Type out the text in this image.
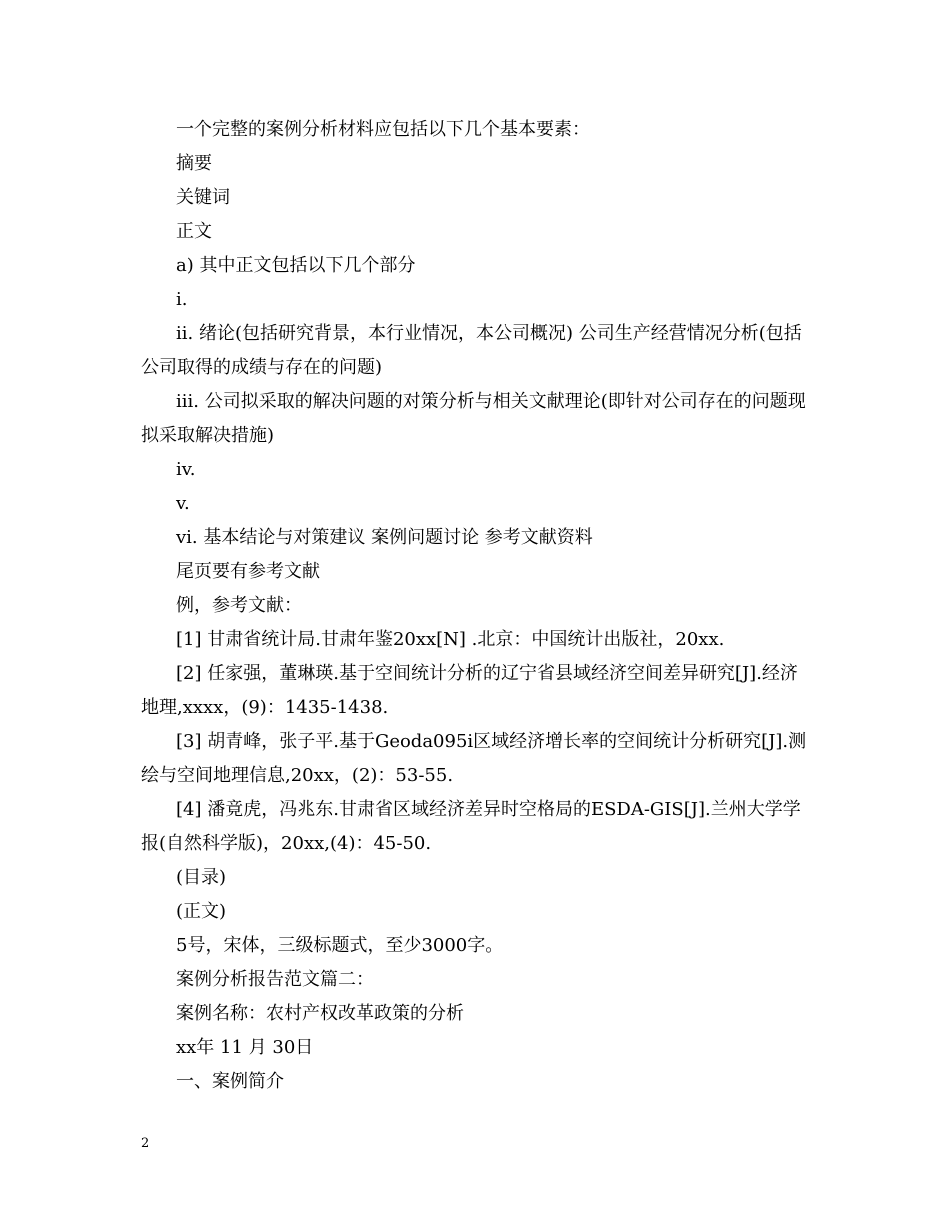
一个完整的案例分析材料应包括以下几个基本要素：

摘要

关键词

正文

a) 其中正文包括以下几个部分

i.

ii. 绪论(包括研究背景，本行业情况，本公司概况) 公司生产经营情况分析(包括公司取得的成绩与存在的问题)

iii. 公司拟采取的解决问题的对策分析与相关文献理论(即针对公司存在的问题现拟采取解决措施)

iv.

v.

vi. 基本结论与对策建议 案例问题讨论 参考文献资料

尾页要有参考文献

例，参考文献：

[1] 甘肃省统计局.甘肃年鉴20xx[N] .北京：中国统计出版社，20xx.

[2] 任家强，董琳瑛.基于空间统计分析的辽宁省县域经济空间差异研究[J].经济地理,xxxx，(9)：1435-1438.

[3] 胡青峰，张子平.基于Geoda095i区域经济增长率的空间统计分析研究[J].测绘与空间地理信息,20xx，(2)：53-55.

[4] 潘竟虎，冯兆东.甘肃省区域经济差异时空格局的ESDA-GIS[J].兰州大学学报(自然科学版)，20xx,(4)：45-50.

(目录)

(正文)

5号，宋体，三级标题式，至少3000字。

案例分析报告范文篇二：

案例名称：农村产权改革政策的分析

xx年 11 月 30日

一、案例简介

2
